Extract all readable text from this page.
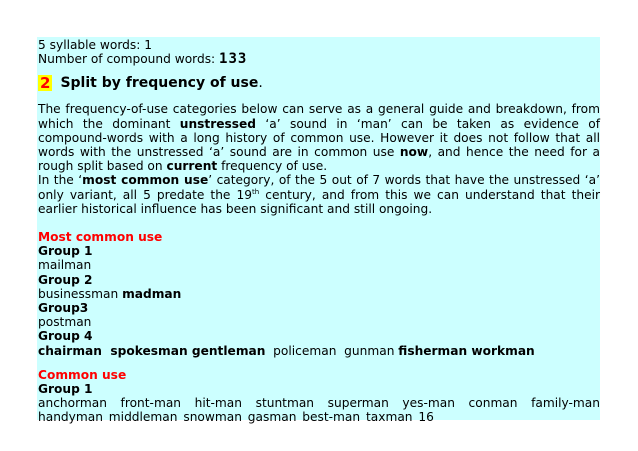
5 syllable words: 1
Number of compound words: 133
2 Split by frequency of use .
The frequency-of-use categories below can serve as a general guide and breakdown, from which the dominant unstressed ‘a’ sound in ‘man’ can be taken as evidence of compound-words with a long history of common use. However it does not follow that all words with the unstressed ‘a’ sound are in common use now, and hence the need for a rough split based on current frequency of use.
In the ‘most common use’ category, of the 5 out of 7 words that have the unstressed ‘a’ only variant, all 5 predate the 19th century, and from this we can understand that their earlier historical influence has been significant and still ongoing.
Most common use
Group 1
mailman
Group 2
businessman madman
Group3
postman
Group 4
chairman  spokesman gentleman  policeman  gunman fisherman workman
Common use
Group 1
anchorman front-man hit-man stuntman superman yes-man conman family-man handyman middleman snowman gasman best-man taxman 16
